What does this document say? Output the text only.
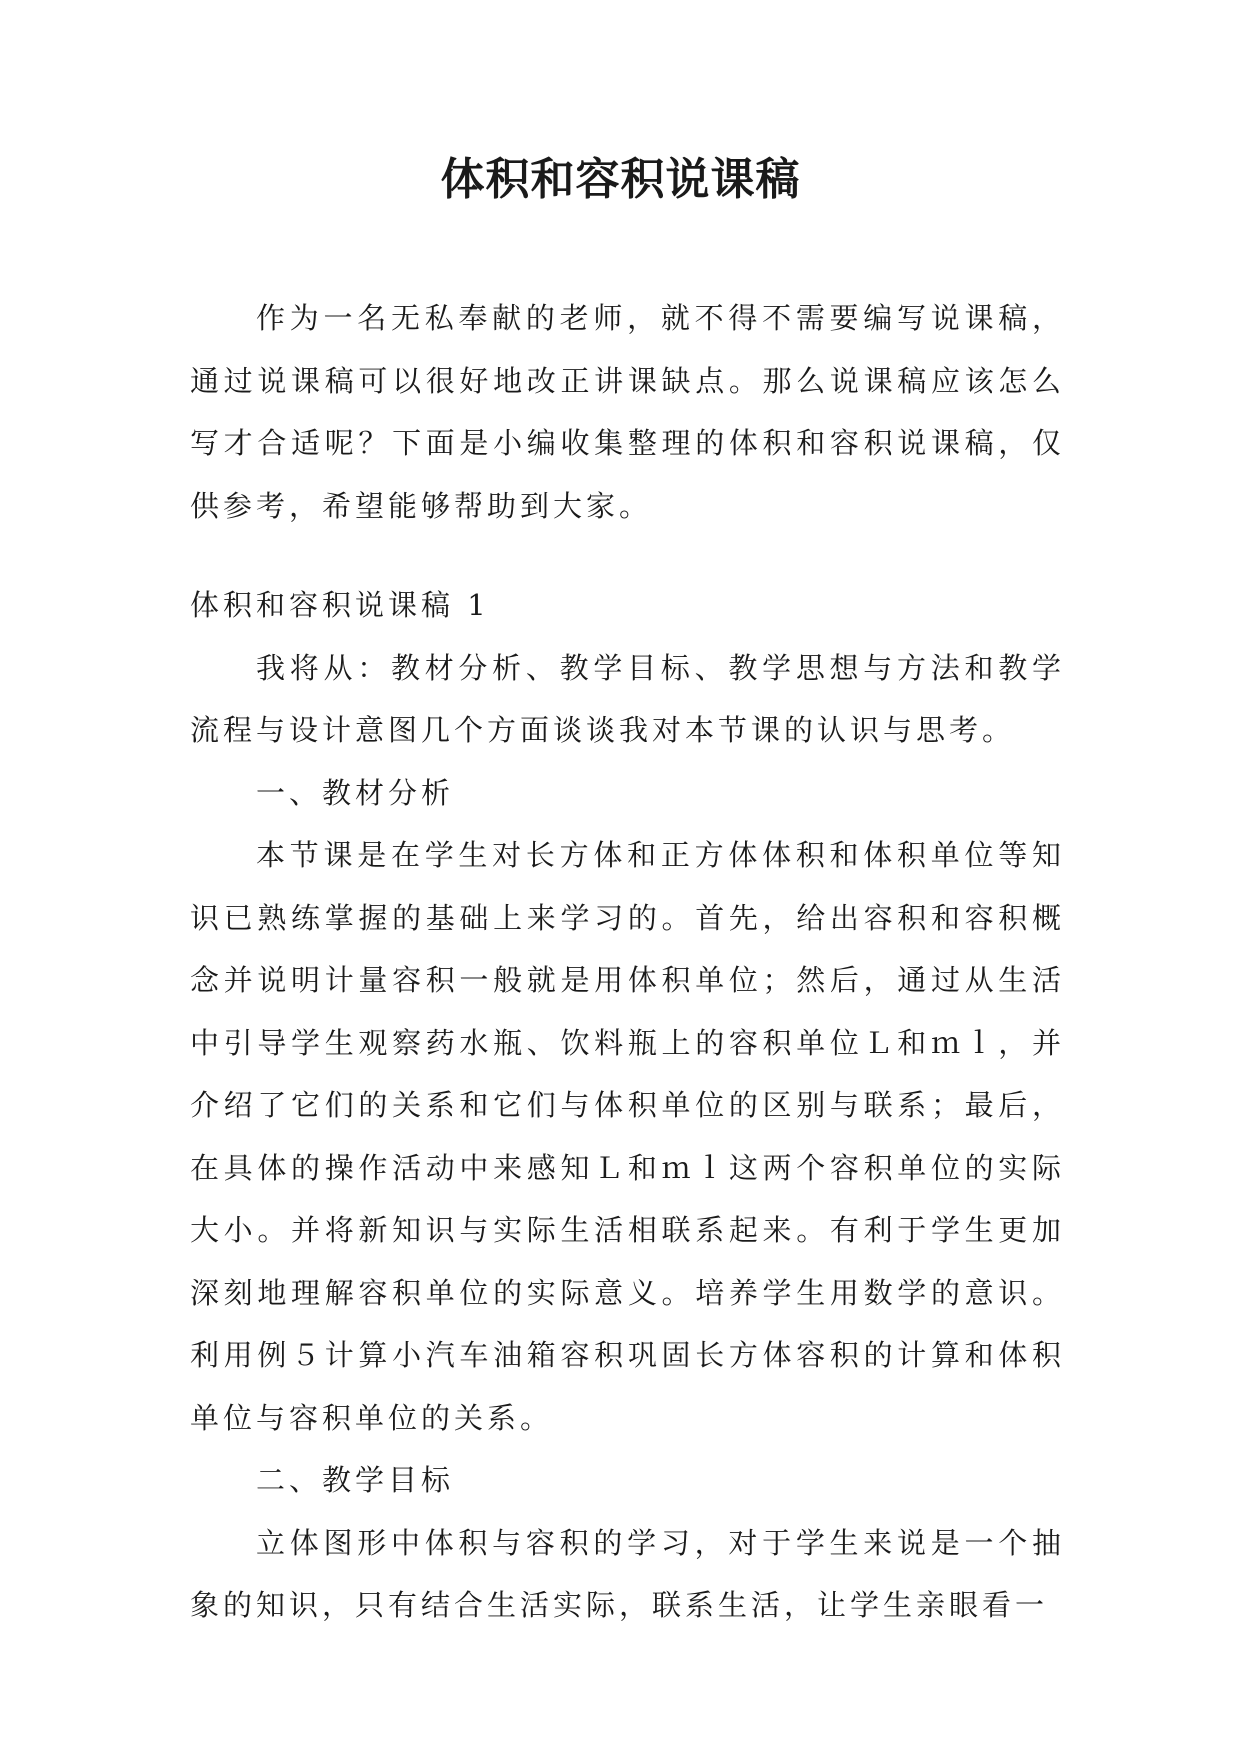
体积和容积说课稿

作为一名无私奉献的老师，就不得不需要编写说课稿，通过说课稿可以很好地改正讲课缺点。那么说课稿应该怎么写才合适呢？下面是小编收集整理的体积和容积说课稿，仅供参考，希望能够帮助到大家。

体积和容积说课稿 1

我将从：教材分析、教学目标、教学思想与方法和教学流程与设计意图几个方面谈谈我对本节课的认识与思考。

一、教材分析

本节课是在学生对长方体和正方体体积和体积单位等知识已熟练掌握的基础上来学习的。首先，给出容积和容积概念并说明计量容积一般就是用体积单位；然后，通过从生活中引导学生观察药水瓶、饮料瓶上的容积单位Ｌ和ｍｌ，并介绍了它们的关系和它们与体积单位的区别与联系；最后，在具体的操作活动中来感知Ｌ和ｍｌ这两个容积单位的实际大小。并将新知识与实际生活相联系起来。有利于学生更加深刻地理解容积单位的实际意义。培养学生用数学的意识。利用例５计算小汽车油箱容积巩固长方体容积的计算和体积单位与容积单位的关系。

二、教学目标

立体图形中体积与容积的学习，对于学生来说是一个抽象的知识，只有结合生活实际，联系生活，让学生亲眼看一
